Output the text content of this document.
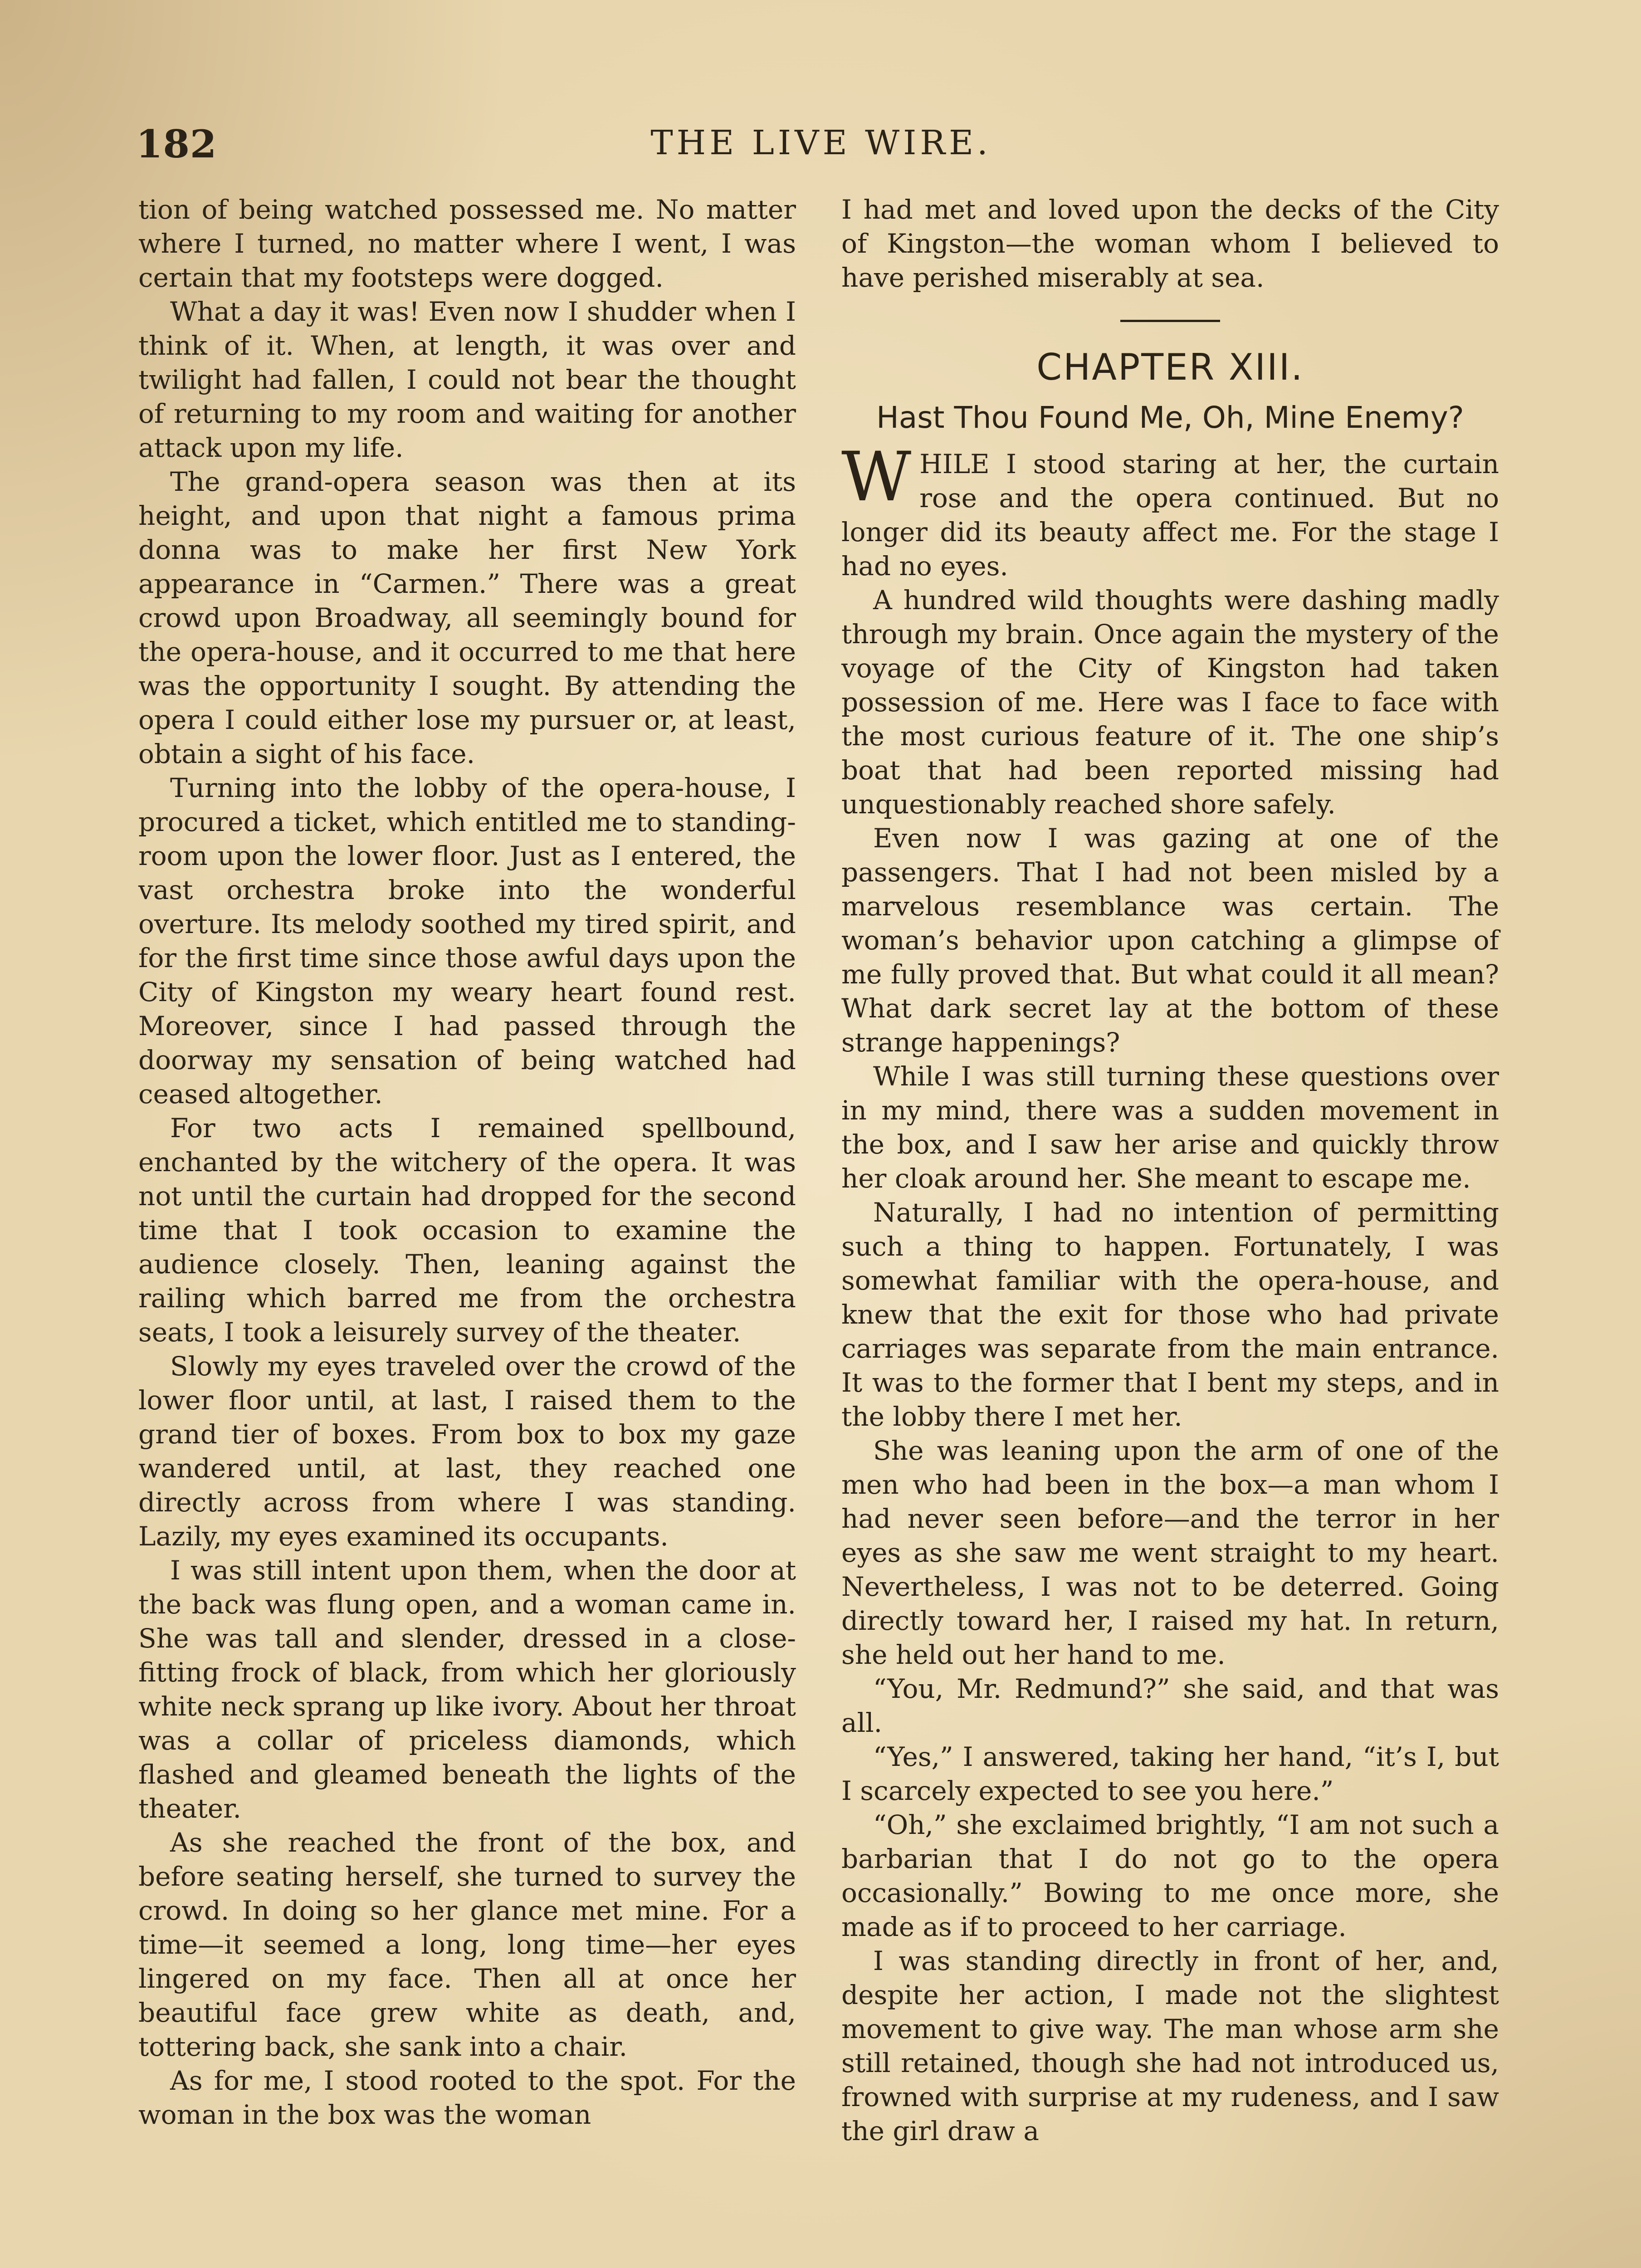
182	THE LIVE WIRE.

tion of being watched possessed me. No matter where I turned, no matter where I went, I was certain that my footsteps were dogged.

What a day it was! Even now I shudder when I think of it. When, at length, it was over and twilight had fallen, I could not bear the thought of returning to my room and waiting for another attack upon my life.

The grand-opera season was then at its height, and upon that night a famous prima donna was to make her first New York appearance in “Carmen.” There was a great crowd upon Broadway, all seemingly bound for the opera-house, and it occurred to me that here was the opportunity I sought. By attending the opera I could either lose my pursuer or, at least, obtain a sight of his face.

Turning into the lobby of the opera-house, I procured a ticket, which entitled me to standing-room upon the lower floor. Just as I entered, the vast orchestra broke into the wonderful overture. Its melody soothed my tired spirit, and for the first time since those awful days upon the City of Kingston my weary heart found rest. Moreover, since I had passed through the doorway my sensation of being watched had ceased altogether.

For two acts I remained spellbound, enchanted by the witchery of the opera. It was not until the curtain had dropped for the second time that I took occasion to examine the audience closely. Then, leaning against the railing which barred me from the orchestra seats, I took a leisurely survey of the theater.

Slowly my eyes traveled over the crowd of the lower floor until, at last, I raised them to the grand tier of boxes. From box to box my gaze wandered until, at last, they reached one directly across from where I was standing. Lazily, my eyes examined its occupants.

I was still intent upon them, when the door at the back was flung open, and a woman came in. She was tall and slender, dressed in a close-fitting frock of black, from which her gloriously white neck sprang up like ivory. About her throat was a collar of priceless diamonds, which flashed and gleamed beneath the lights of the theater.

As she reached the front of the box, and before seating herself, she turned to survey the crowd. In doing so her glance met mine. For a time—it seemed a long, long time—her eyes lingered on my face. Then all at once her beautiful face grew white as death, and, tottering back, she sank into a chair.

As for me, I stood rooted to the spot. For the woman in the box was the woman

I had met and loved upon the decks of the City of Kingston—the woman whom I believed to have perished miserably at sea.

CHAPTER XIII.
Hast Thou Found Me, Oh, Mine Enemy?

WHILE I stood staring at her, the curtain rose and the opera continued. But no longer did its beauty affect me. For the stage I had no eyes.

A hundred wild thoughts were dashing madly through my brain. Once again the mystery of the voyage of the City of Kingston had taken possession of me. Here was I face to face with the most curious feature of it. The one ship’s boat that had been reported missing had unquestionably reached shore safely.

Even now I was gazing at one of the passengers. That I had not been misled by a marvelous resemblance was certain. The woman’s behavior upon catching a glimpse of me fully proved that. But what could it all mean? What dark secret lay at the bottom of these strange happenings?

While I was still turning these questions over in my mind, there was a sudden movement in the box, and I saw her arise and quickly throw her cloak around her. She meant to escape me.

Naturally, I had no intention of permitting such a thing to happen. Fortunately, I was somewhat familiar with the opera-house, and knew that the exit for those who had private carriages was separate from the main entrance. It was to the former that I bent my steps, and in the lobby there I met her.

She was leaning upon the arm of one of the men who had been in the box—a man whom I had never seen before—and the terror in her eyes as she saw me went straight to my heart. Nevertheless, I was not to be deterred. Going directly toward her, I raised my hat. In return, she held out her hand to me.

“You, Mr. Redmund?” she said, and that was all.

“Yes,” I answered, taking her hand, “it’s I, but I scarcely expected to see you here.”

“Oh,” she exclaimed brightly, “I am not such a barbarian that I do not go to the opera occasionally.” Bowing to me once more, she made as if to proceed to her carriage.

I was standing directly in front of her, and, despite her action, I made not the slightest movement to give way. The man whose arm she still retained, though she had not introduced us, frowned with surprise at my rudeness, and I saw the girl draw a
